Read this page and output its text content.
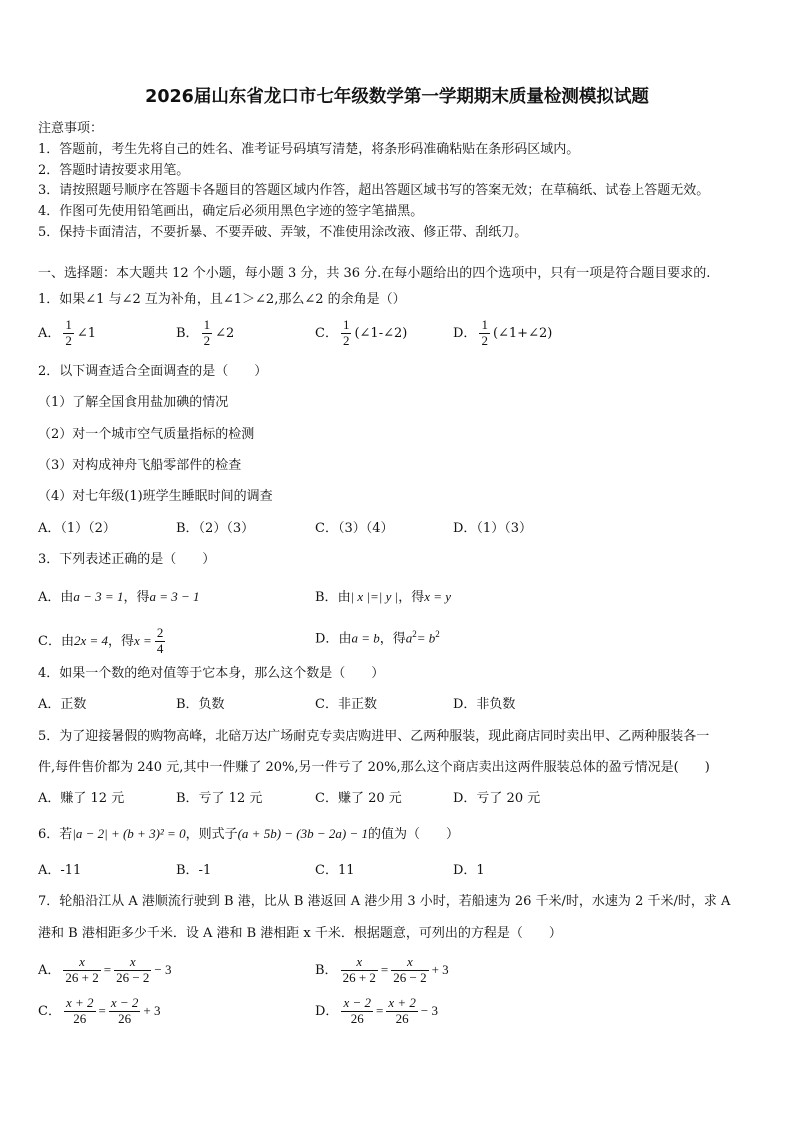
2026届山东省龙口市七年级数学第一学期期末质量检测模拟试题
注意事项：
1．答题前，考生先将自己的姓名、准考证号码填写清楚，将条形码准确粘贴在条形码区域内。
2．答题时请按要求用笔。
3．请按照题号顺序在答题卡各题目的答题区域内作答，超出答题区域书写的答案无效；在草稿纸、试卷上答题无效。
4．作图可先使用铅笔画出，确定后必须用黑色字迹的签字笔描黑。
5．保持卡面清洁，不要折暴、不要弄破、弄皱，不准使用涂改液、修正带、刮纸刀。
一、选择题：本大题共 12 个小题，每小题 3 分，共 36 分.在每小题给出的四个选项中，只有一项是符合题目要求的.
1．如果∠1 与∠2 互为补角，且∠1＞∠2,那么∠2 的余角是（）
A． $\frac{1}{2}$ ∠1	B． $\frac{1}{2}$ ∠2	C． $\frac{1}{2}$ (∠1-∠2)	D． $\frac{1}{2}$ (∠1+∠2)
2．以下调查适合全面调查的是（　　）
（1）了解全国食用盐加碘的情况
（2）对一个城市空气质量指标的检测
（3）对构成神舟飞船零部件的检查
（4）对七年级(1)班学生睡眠时间的调查
A．（1）（2）	B．（2）（3）	C．（3）（4）	D．（1）（3）
3．下列表述正确的是（　　）
A．由a − 3 = 1，得a = 3 − 1	B．由| x |=| y |，得x = y
C．由2x = 4，得$x = \frac{2}{4}$	D．由a = b，得$a^2= b^2$
4．如果一个数的绝对值等于它本身，那么这个数是（　　）
A．正数	B．负数	C．非正数	D．非负数
5．为了迎接暑假的购物高峰，北碚万达广场耐克专卖店购进甲、乙两种服装，现此商店同时卖出甲、乙两种服装各一
件,每件售价都为 240 元,其中一件赚了 20%,另一件亏了 20%,那么这个商店卖出这两件服装总体的盈亏情况是(　　)
A．赚了 12 元	B．亏了 12 元	C．赚了 20 元	D．亏了 20 元
6．若|a − 2| + (b + 3)² = 0，则式子(a + 5b) − (3b − 2a) − 1的值为（　　）
A．-11	B．-1	C．11	D．1
7．轮船沿江从 A 港顺流行驶到 B 港，比从 B 港返回 A 港少用 3 小时，若船速为 26 千米/时，水速为 2 千米/时，求 A
港和 B 港相距多少千米．设 A 港和 B 港相距 x 千米．根据题意，可列出的方程是（　　）
A． $\frac{x}{26 + 2} = \frac{x}{26 - 2} - 3$	B． $\frac{x}{26 + 2} = \frac{x}{26 - 2} + 3$
C． $\frac{x + 2}{26} = \frac{x - 2}{26} + 3$	D． $\frac{x - 2}{26} = \frac{x + 2}{26} - 3$
